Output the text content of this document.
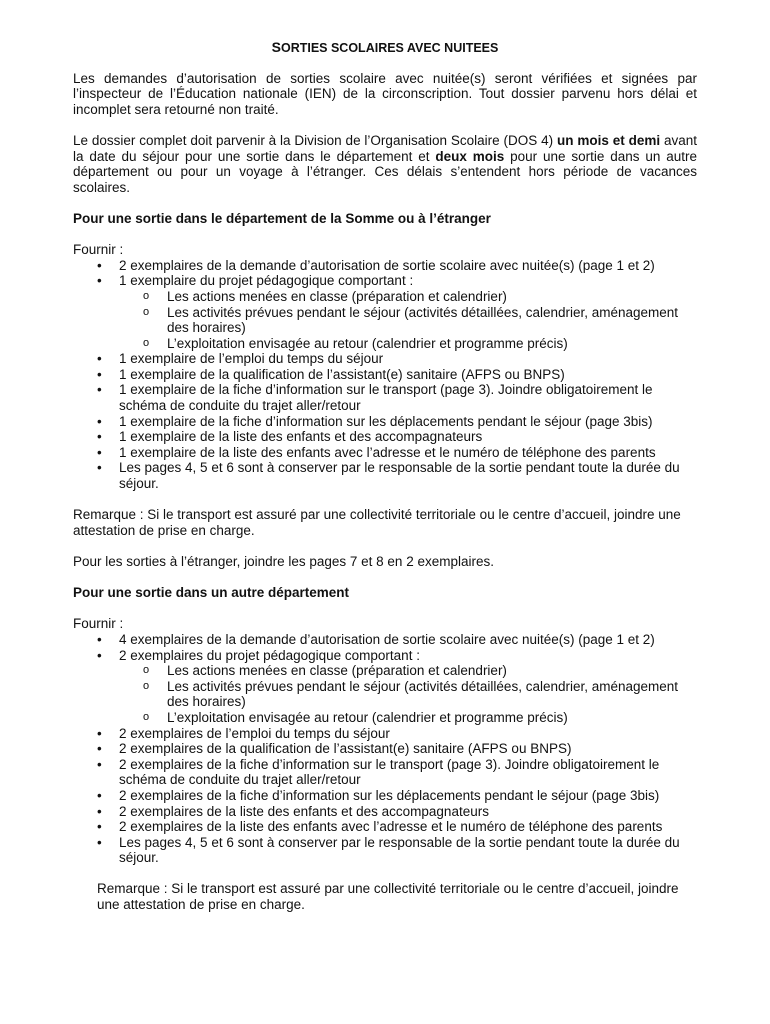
SORTIES SCOLAIRES AVEC NUITEES

Les demandes d’autorisation de sorties scolaire avec nuitée(s) seront vérifiées et signées par l’inspecteur de l’Éducation nationale (IEN) de la circonscription. Tout dossier parvenu hors délai et incomplet sera retourné non traité.

Le dossier complet doit parvenir à la Division de l’Organisation Scolaire (DOS 4) un mois et demi avant la date du séjour pour une sortie dans le département et deux mois pour une sortie dans un autre département ou pour un voyage à l’étranger. Ces délais s’entendent hors période de vacances scolaires.

Pour une sortie dans le département de la Somme ou à l’étranger

Fournir :

• 2 exemplaires de la demande d’autorisation de sortie scolaire avec nuitée(s) (page 1 et 2)
• 1 exemplaire du projet pédagogique comportant :
o Les actions menées en classe (préparation et calendrier)
o Les activités prévues pendant le séjour (activités détaillées, calendrier, aménagement des horaires)
o L’exploitation envisagée au retour (calendrier et programme précis)
• 1 exemplaire de l’emploi du temps du séjour
• 1 exemplaire de la qualification de l’assistant(e) sanitaire (AFPS ou BNPS)
• 1 exemplaire de la fiche d’information sur le transport (page 3). Joindre obligatoirement le schéma de conduite du trajet aller/retour
• 1 exemplaire de la fiche d’information sur les déplacements pendant le séjour (page 3bis)
• 1 exemplaire de la liste des enfants et des accompagnateurs
• 1 exemplaire de la liste des enfants avec l’adresse et le numéro de téléphone des parents
• Les pages 4, 5 et 6 sont à conserver par le responsable de la sortie pendant toute la durée du séjour.

Remarque : Si le transport est assuré par une collectivité territoriale ou le centre d’accueil, joindre une attestation de prise en charge.

Pour les sorties à l’étranger, joindre les pages 7 et 8 en 2 exemplaires.

Pour une sortie dans un autre département

Fournir :

• 4 exemplaires de la demande d’autorisation de sortie scolaire avec nuitée(s) (page 1 et 2)
• 2 exemplaires du projet pédagogique comportant :
o Les actions menées en classe (préparation et calendrier)
o Les activités prévues pendant le séjour (activités détaillées, calendrier, aménagement des horaires)
o L’exploitation envisagée au retour (calendrier et programme précis)
• 2 exemplaires de l’emploi du temps du séjour
• 2 exemplaires de la qualification de l’assistant(e) sanitaire (AFPS ou BNPS)
• 2 exemplaires de la fiche d’information sur le transport (page 3). Joindre obligatoirement le schéma de conduite du trajet aller/retour
• 2 exemplaires de la fiche d’information sur les déplacements pendant le séjour (page 3bis)
• 2 exemplaires de la liste des enfants et des accompagnateurs
• 2 exemplaires de la liste des enfants avec l’adresse et le numéro de téléphone des parents
• Les pages 4, 5 et 6 sont à conserver par le responsable de la sortie pendant toute la durée du séjour.

Remarque : Si le transport est assuré par une collectivité territoriale ou le centre d’accueil, joindre une attestation de prise en charge.
